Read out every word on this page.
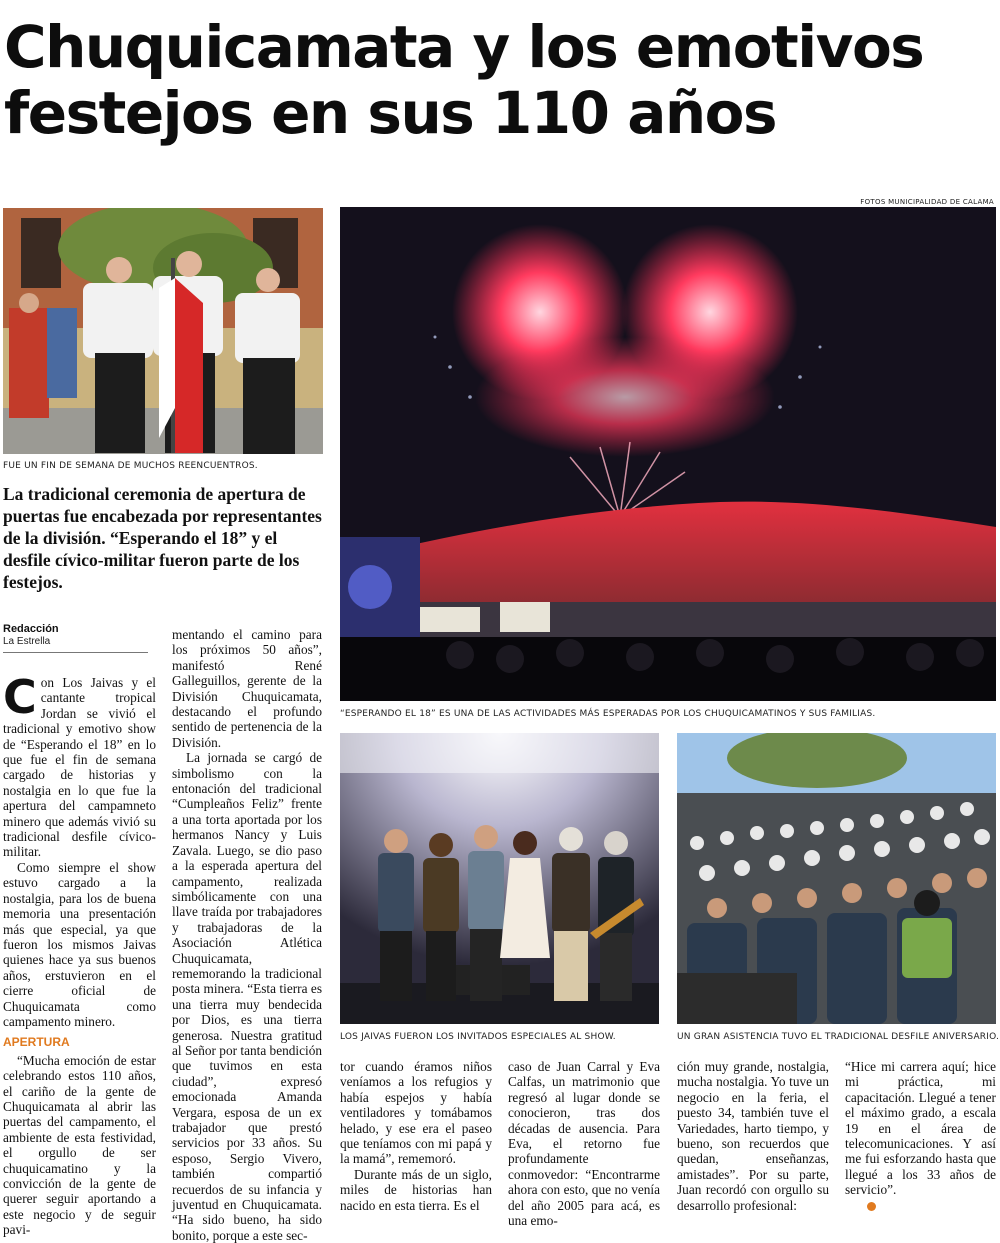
Chuquicamata y los emotivos festejos en sus 110 años
FOTOS MUNICIPALIDAD DE CALAMA
FUE UN FIN DE SEMANA DE MUCHOS REENCUENTROS.
“ESPERANDO EL 18” ES UNA DE LAS ACTIVIDADES MÁS ESPERADAS POR LOS CHUQUICAMATINOS Y SUS FAMILIAS.
LOS JAIVAS FUERON LOS INVITADOS ESPECIALES AL SHOW.	UN GRAN ASISTENCIA TUVO EL TRADICIONAL DESFILE ANIVERSARIO.
La tradicional ceremonia de apertura de puertas fue encabezada por representantes de la división. “Esperando el 18” y el desfile cívico-militar fueron parte de los festejos.
Redacción
La Estrella

Con Los Jaivas y el cantante tropical Jordan se vivió el tradicional y emotivo show de “Esperando el 18” en lo que fue el fin de semana cargado de historias y nostalgia en lo que fue la apertura del campamneto minero que además vivió su tradicional desfile cívico-militar.

Como siempre el show estuvo cargado a la nostalgia, para los de buena memoria una presentación más que especial, ya que fueron los mismos Jaivas quienes hace ya sus buenos años, erstuvieron en el cierre oficial de Chuquicamata como campamento minero.

APERTURA

“Mucha emoción de estar celebrando estos 110 años, el cariño de la gente de Chuquicamata al abrir las puertas del campamento, el ambiente de esta festividad, el orgullo de ser chuquicamatino y la convicción de la gente de querer seguir aportando a este negocio y de seguir pavi-

mentando el camino para los próximos 50 años”, manifestó René Galleguillos, gerente de la División Chuquicamata, destacando el profundo sentido de pertenencia de la División.

La jornada se cargó de simbolismo con la entonación del tradicional “Cumpleaños Feliz” frente a una torta aportada por los hermanos Nancy y Luis Zavala. Luego, se dio paso a la esperada apertura del campamento, realizada simbólicamente con una llave traída por trabajadores y trabajadoras de la Asociación Atlética Chuquicamata, rememorando la tradicional posta minera. “Esta tierra es una tierra muy bendecida por Dios, es una tierra generosa. Nuestra gratitud al Señor por tanta bendición que tuvimos en esta ciudad”, expresó emocionada Amanda Vergara, esposa de un ex trabajador que prestó servicios por 33 años. Su esposo, Sergio Vivero, también compartió recuerdos de su infancia y juventud en Chuquicamata. “Ha sido bueno, ha sido bonito, porque a este sec-

tor cuando éramos niños veníamos a los refugios y había espejos y había ventiladores y tomábamos helado, y ese era el paseo que teníamos con mi papá y la mamá”, rememoró.

Durante más de un siglo, miles de historias han nacido en esta tierra. Es el

caso de Juan Carral y Eva Calfas, un matrimonio que regresó al lugar donde se conocieron, tras dos décadas de ausencia. Para Eva, el retorno fue profundamente conmovedor: “Encontrarme ahora con esto, que no venía del año 2005 para acá, es una emo-

ción muy grande, nostalgia, mucha nostalgia. Yo tuve un negocio en la feria, el puesto 34, también tuve el Variedades, harto tiempo, y bueno, son recuerdos que quedan, enseñanzas, amistades”. Por su parte, Juan recordó con orgullo su desarrollo profesional:

“Hice mi carrera aquí; hice mi práctica, mi capacitación. Llegué a tener el máximo grado, a escala 19 en el área de telecomunicaciones. Y así me fui esforzando hasta que llegué a los 33 años de servicio”.
